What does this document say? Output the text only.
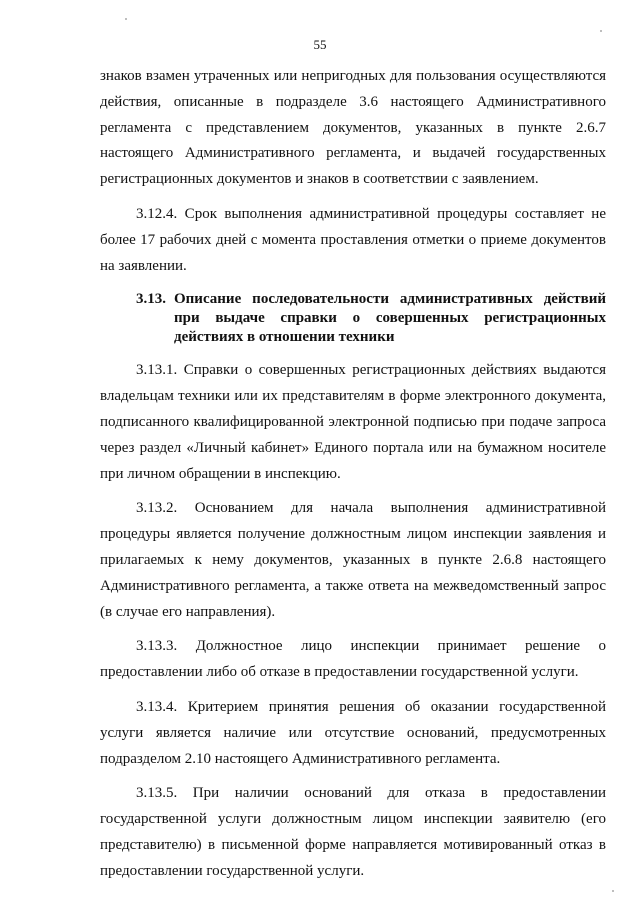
55

знаков взамен утраченных или непригодных для пользования осуществляются действия, описанные в подразделе 3.6 настоящего Административного регламента с представлением документов, указанных в пункте 2.6.7 настоящего Административного регламента, и выдачей государственных регистрационных документов и знаков в соответствии с заявлением.

3.12.4. Срок выполнения административной процедуры составляет не более 17 рабочих дней с момента проставления отметки о приеме документов на заявлении.

3.13. Описание последовательности административных действий при выдаче справки о совершенных регистрационных действиях в отношении техники

3.13.1. Справки о совершенных регистрационных действиях выдаются владельцам техники или их представителям в форме электронного документа, подписанного квалифицированной электронной подписью при подаче запроса через раздел «Личный кабинет» Единого портала или на бумажном носителе при личном обращении в инспекцию.

3.13.2. Основанием для начала выполнения административной процедуры является получение должностным лицом инспекции заявления и прилагаемых к нему документов, указанных в пункте 2.6.8 настоящего Административного регламента, а также ответа на межведомственный запрос (в случае его направления).

3.13.3. Должностное лицо инспекции принимает решение о предоставлении либо об отказе в предоставлении государственной услуги.

3.13.4. Критерием принятия решения об оказании государственной услуги является наличие или отсутствие оснований, предусмотренных подразделом 2.10 настоящего Административного регламента.

3.13.5. При наличии оснований для отказа в предоставлении государственной услуги должностным лицом инспекции заявителю (его представителю) в письменной форме направляется мотивированный отказ в предоставлении государственной услуги.
